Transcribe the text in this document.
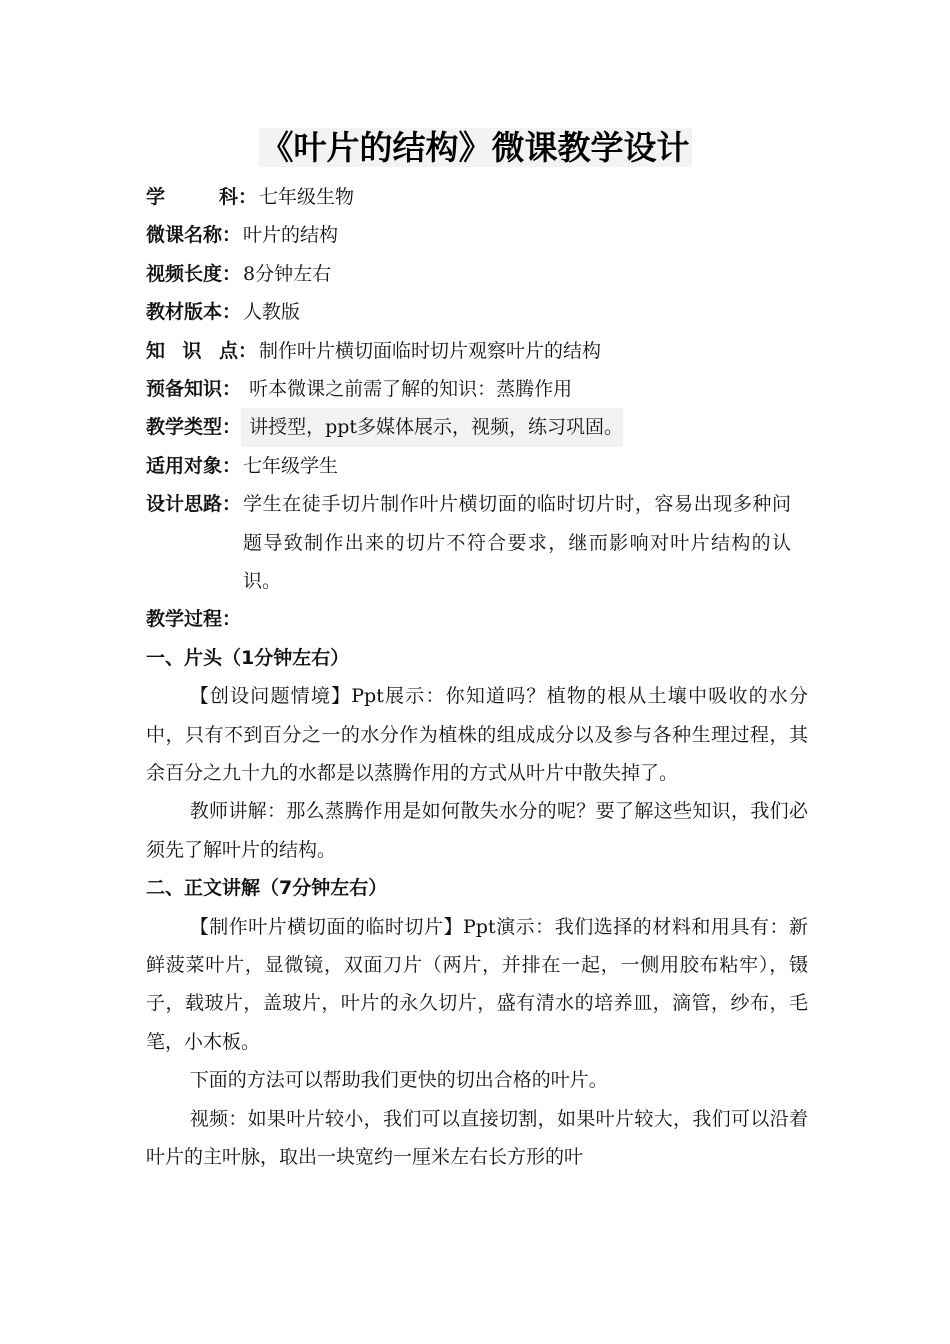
《叶片的结构》微课教学设计
学	科 ： 七年级生物
微课名称 ： 叶片的结构
视频长度 ： 8分钟左右
教材版本 ： 人教版
知 识 点 ： 制作叶片横切面临时切片观察叶片的结构
预备知识 ： 听本微课之前需了解的知识：蒸腾作用
教学类型 ： 讲授型，ppt多媒体展示，视频，练习巩固。
适用对象 ： 七年级学生
设计思路： 学生在徒手切片制作叶片横切面的临时切片时，容易出现多种问题导致制作出来的切片不符合要求，继而影响对叶片结构的认识。
教学过程：
一、片头（1分钟左右）

【创设问题情境】Ppt展示：你知道吗？植物的根从土壤中吸收的水分中，只有不到百分之一的水分作为植株的组成成分以及参与各种生理过程，其余百分之九十九的水都是以蒸腾作用的方式从叶片中散失掉了。

教师讲解：那么蒸腾作用是如何散失水分的呢？要了解这些知识，我们必须先了解叶片的结构。

二、正文讲解（7分钟左右）

【制作叶片横切面的临时切片】Ppt演示：我们选择的材料和用具有：新鲜菠菜叶片，显微镜，双面刀片（两片，并排在一起，一侧用胶布粘牢），镊子，载玻片，盖玻片，叶片的永久切片，盛有清水的培养皿，滴管，纱布，毛笔，小木板。

下面的方法可以帮助我们更快的切出合格的叶片。

视频：如果叶片较小，我们可以直接切割，如果叶片较大，我们可以沿着叶片的主叶脉，取出一块宽约一厘米左右长方形的叶
